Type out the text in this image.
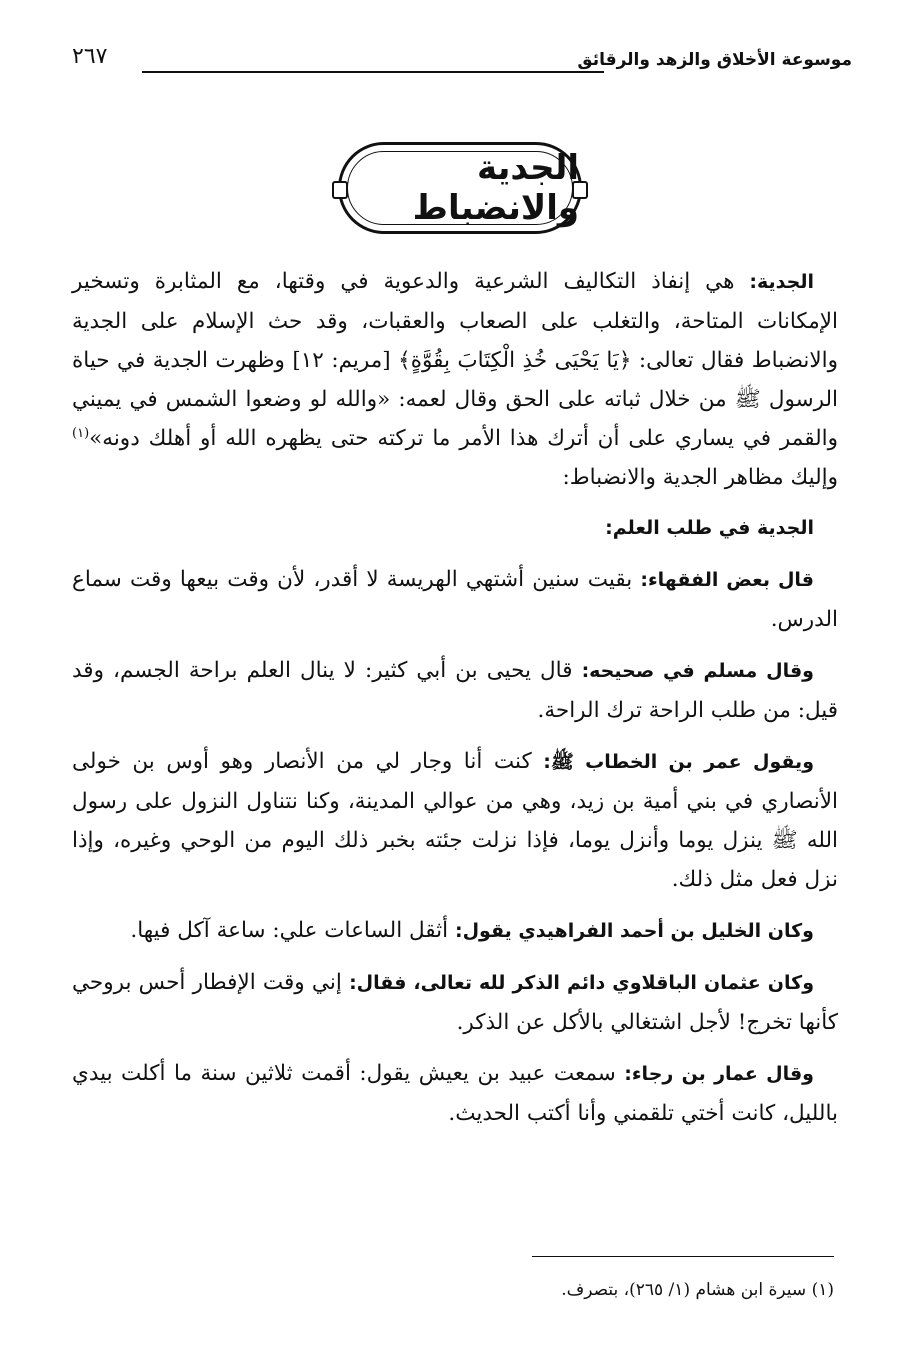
موسوعة الأخلاق والزهد والرقائق
٢٦٧
الجدية والانضباط

الجدية: هي إنفاذ التكاليف الشرعية والدعوية في وقتها، مع المثابرة وتسخير الإمكانات المتاحة، والتغلب على الصعاب والعقبات، وقد حث الإسلام على الجدية والانضباط فقال تعالى: ﴿يَا يَحْيَى خُذِ الْكِتَابَ بِقُوَّةٍ﴾ [مريم: ١٢] وظهرت الجدية في حياة الرسول ﷺ من خلال ثباته على الحق وقال لعمه: «والله لو وضعوا الشمس في يميني والقمر في يساري على أن أترك هذا الأمر ما تركته حتى يظهره الله أو أهلك دونه»$^{(١)}$ وإليك مظاهر الجدية والانضباط:

الجدية في طلب العلم:

قال بعض الفقهاء: بقيت سنين أشتهي الهريسة لا أقدر، لأن وقت بيعها وقت سماع الدرس.

وقال مسلم في صحيحه: قال يحيى بن أبي كثير: لا ينال العلم براحة الجسم، وقد قيل: من طلب الراحة ترك الراحة.

ويقول عمر بن الخطاب ﷺ: كنت أنا وجار لي من الأنصار وهو أوس بن خولى الأنصاري في بني أمية بن زيد، وهي من عوالي المدينة، وكنا نتناول النزول على رسول الله ﷺ ينزل يوما وأنزل يوما، فإذا نزلت جئته بخبر ذلك اليوم من الوحي وغيره، وإذا نزل فعل مثل ذلك.

وكان الخليل بن أحمد الفراهيدي يقول: أثقل الساعات علي: ساعة آكل فيها.

وكان عثمان الباقلاوي دائم الذكر لله تعالى، فقال: إني وقت الإفطار أحس بروحي كأنها تخرج! لأجل اشتغالي بالأكل عن الذكر.

وقال عمار بن رجاء: سمعت عبيد بن يعيش يقول: أقمت ثلاثين سنة ما أكلت بيدي بالليل، كانت أختي تلقمني وأنا أكتب الحديث.

(١) سيرة ابن هشام (١/ ٢٦٥)، بتصرف.
